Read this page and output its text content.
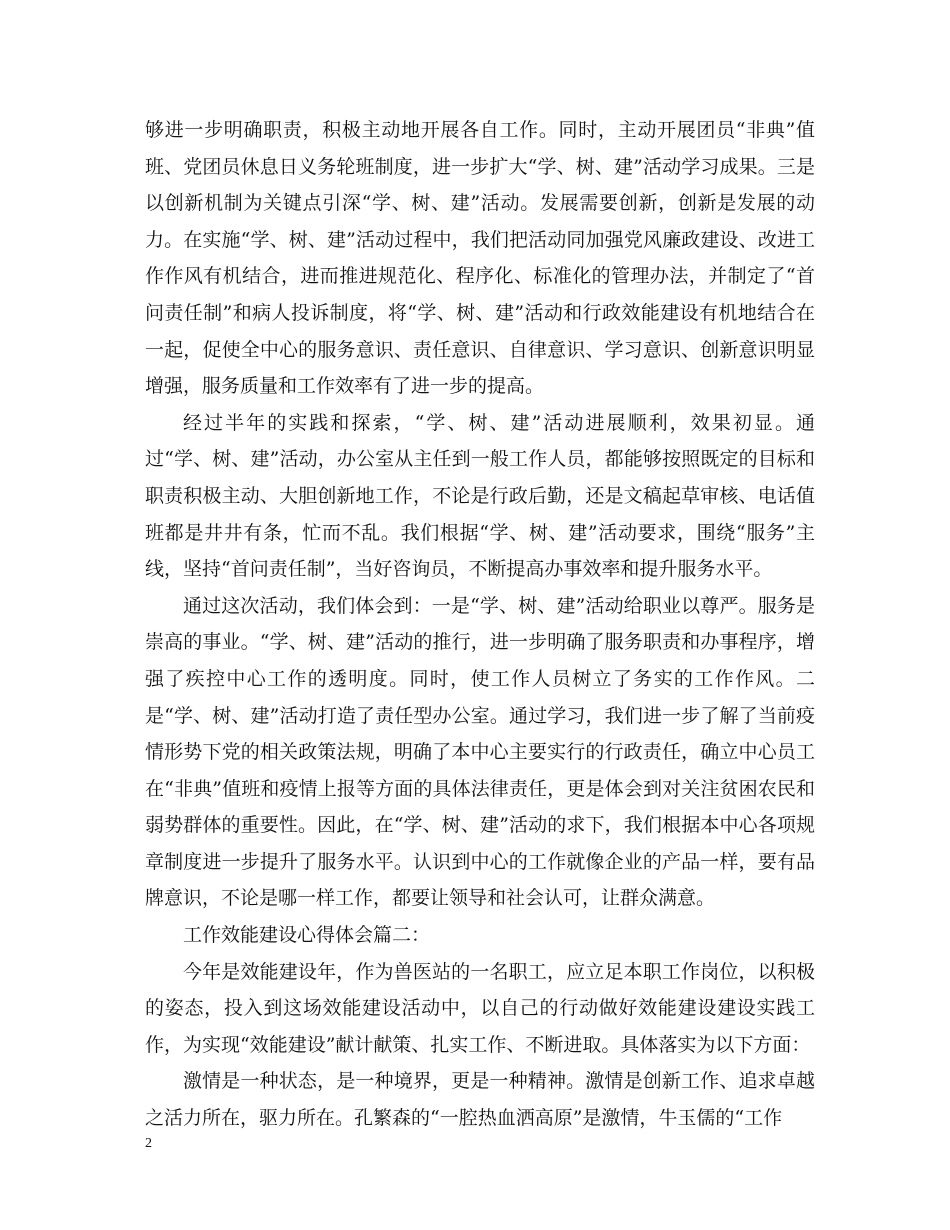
够进一步明确职责，积极主动地开展各自工作。同时，主动开展团员“非典”值班、党团员休息日义务轮班制度，进一步扩大“学、树、建”活动学习成果。三是以创新机制为关键点引深“学、树、建”活动。发展需要创新，创新是发展的动力。在实施“学、树、建”活动过程中，我们把活动同加强党风廉政建设、改进工作作风有机结合，进而推进规范化、程序化、标准化的管理办法，并制定了“首问责任制”和病人投诉制度，将“学、树、建”活动和行政效能建设有机地结合在一起，促使全中心的服务意识、责任意识、自律意识、学习意识、创新意识明显增强，服务质量和工作效率有了进一步的提高。

经过半年的实践和探索，“学、树、建”活动进展顺利，效果初显。通过“学、树、建”活动，办公室从主任到一般工作人员，都能够按照既定的目标和职责积极主动、大胆创新地工作，不论是行政后勤，还是文稿起草审核、电话值班都是井井有条，忙而不乱。我们根据“学、树、建”活动要求，围绕“服务”主线，坚持“首问责任制”，当好咨询员，不断提高办事效率和提升服务水平。

通过这次活动，我们体会到：一是“学、树、建”活动给职业以尊严。服务是崇高的事业。“学、树、建”活动的推行，进一步明确了服务职责和办事程序，增强了疾控中心工作的透明度。同时，使工作人员树立了务实的工作作风。二是“学、树、建”活动打造了责任型办公室。通过学习，我们进一步了解了当前疫情形势下党的相关政策法规，明确了本中心主要实行的行政责任，确立中心员工在“非典”值班和疫情上报等方面的具体法律责任，更是体会到对关注贫困农民和弱势群体的重要性。因此，在“学、树、建”活动的求下，我们根据本中心各项规章制度进一步提升了服务水平。认识到中心的工作就像企业的产品一样，要有品牌意识，不论是哪一样工作，都要让领导和社会认可，让群众满意。

工作效能建设心得体会篇二：

今年是效能建设年，作为兽医站的一名职工，应立足本职工作岗位，以积极的姿态，投入到这场效能建设活动中，以自己的行动做好效能建设建设实践工作，为实现“效能建设”献计献策、扎实工作、不断进取。具体落实为以下方面：

激情是一种状态，是一种境界，更是一种精神。激情是创新工作、追求卓越之活力所在，驱力所在。孔繁森的“一腔热血洒高原”是激情，牛玉儒的“工作

2
